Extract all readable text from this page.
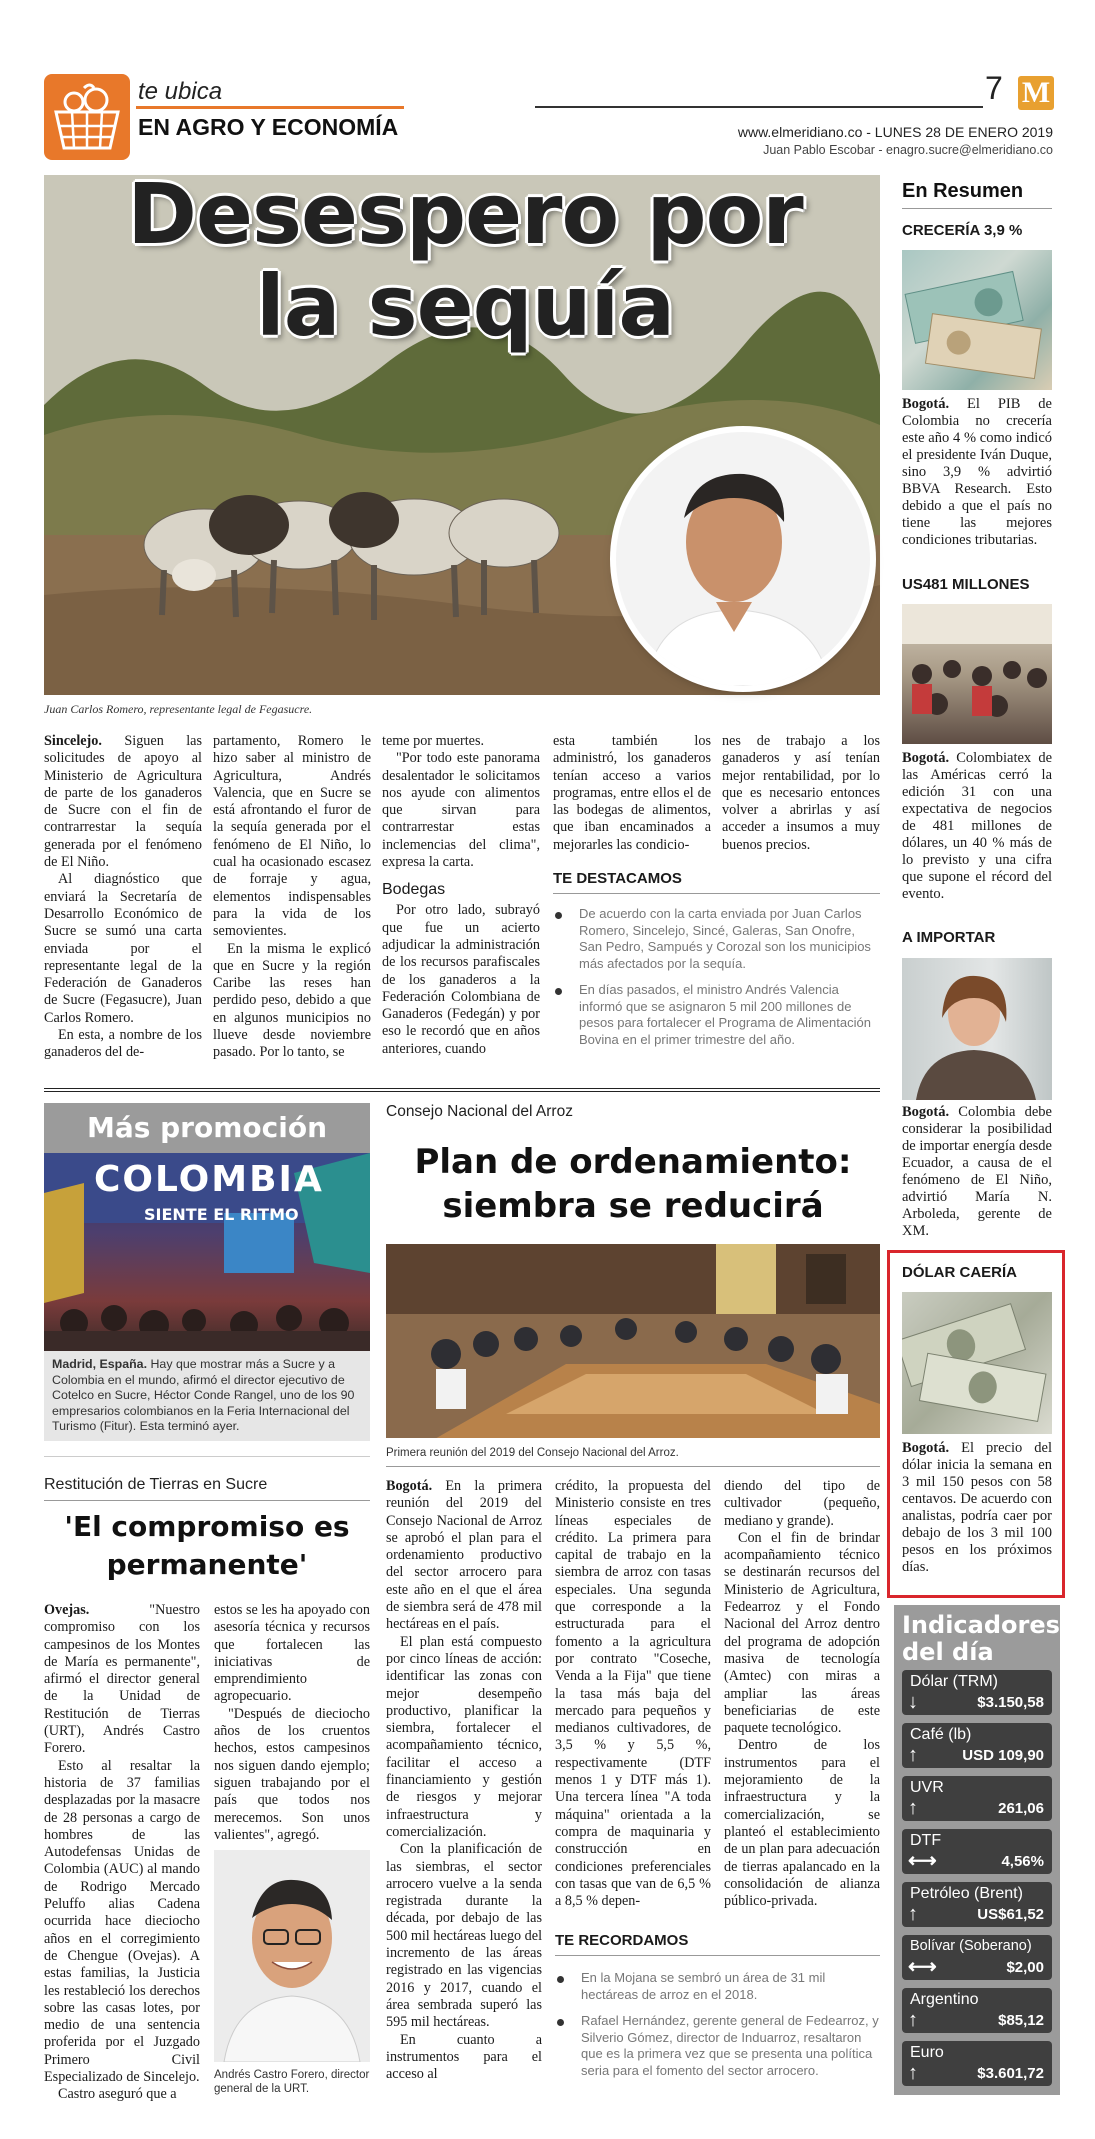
te ubica
EN AGRO Y ECONOMÍA
7 M
www.elmeridiano.co - LUNES 28 DE ENERO 2019
Juan Pablo Escobar - enagro.sucre@elmeridiano.co
Desespero por
la sequía
Juan Carlos Romero, representante legal de Fegasucre.

Sincelejo. Siguen las solicitudes de apoyo al Ministerio de Agricultura de parte de los ganaderos de Sucre con el fin de contrarrestar la sequía generada por el fenómeno de El Niño.

Al diagnóstico que enviará la Secretaría de Desarrollo Económico de Sucre se sumó una carta enviada por el representante legal de la Federación de Ganaderos de Sucre (Fegasucre), Juan Carlos Romero.

En esta, a nombre de los ganaderos del de-

partamento, Romero le hizo saber al ministro de Agricultura, Andrés Valencia, que en Sucre se está afrontando el furor de la sequía generada por el fenómeno de El Niño, lo cual ha ocasionado escasez de forraje y agua, elementos indispensables para la vida de los semovientes.

En la misma le explicó que en Sucre y la región Caribe las reses han perdido peso, debido a que en algunos municipios no llueve desde noviembre pasado. Por lo tanto, se

teme por muertes.

"Por todo este panorama desalentador le solicitamos nos ayude con alimentos que sirvan para contrarrestar estas inclemencias del clima", expresa la carta.

Bodegas

Por otro lado, subrayó que fue un acierto adjudicar la administración de los recursos parafiscales de los ganaderos a la Federación Colombiana de Ganaderos (Fedegán) y por eso le recordó que en años anteriores, cuando

esta también los administró, los ganaderos tenían acceso a varios programas, entre ellos el de las bodegas de alimentos, que iban encaminados a mejorarles las condicio-

nes de trabajo a los ganaderos y así tenían mejor rentabilidad, por lo que es necesario entonces volver a abrirlas y así acceder a insumos a muy buenos precios.

TE DESTACAMOS
De acuerdo con la carta enviada por Juan Carlos Romero, Sincelejo, Sincé, Galeras, San Onofre, San Pedro, Sampués y Corozal son los municipios más afectados por la sequía.
En días pasados, el ministro Andrés Valencia informó que se asignaron 5 mil 200 millones de pesos para fortalecer el Programa de Alimentación Bovina en el primer trimestre del año.
Más promoción
COLOMBIA
SIENTE EL RITMO

Madrid, España. Hay que mostrar más a Sucre y a Colombia en el mundo, afirmó el director ejecutivo de Cotelco en Sucre, Héctor Conde Rangel, uno de los 90 empresarios colombianos en la Feria Internacional del Turismo (Fitur). Esta terminó ayer.

Consejo Nacional del Arroz
Plan de ordenamiento:
siembra se reducirá
Primera reunión del 2019 del Consejo Nacional del Arroz.

Bogotá. En la primera reunión del 2019 del Consejo Nacional de Arroz se aprobó el plan para el ordenamiento productivo del sector arrocero para este año en el que el área de siembra será de 478 mil hectáreas en el país.

El plan está compuesto por cinco líneas de acción: identificar las zonas con mejor desempeño productivo, planificar la siembra, fortalecer el acompañamiento técnico, facilitar el acceso a financiamiento y gestión de riesgos y mejorar infraestructura y comercialización.

Con la planificación de las siembras, el sector arrocero vuelve a la senda registrada durante la década, por debajo de las 500 mil hectáreas luego del incremento de las áreas registrado en las vigencias 2016 y 2017, cuando el área sembrada superó las 595 mil hectáreas.

En cuanto a instrumentos para el acceso al

crédito, la propuesta del Ministerio consiste en tres líneas especiales de crédito. La primera para capital de trabajo en la siembra de arroz con tasas especiales. Una segunda que corresponde a la estructurada para el fomento a la agricultura por contrato "Coseche, Venda a la Fija" que tiene la tasa más baja del mercado para pequeños y medianos cultivadores, de 3,5 % y 5,5 %, respectivamente (DTF menos 1 y DTF más 1). Una tercera línea "A toda máquina" orientada a la compra de maquinaria y construcción en condiciones preferenciales con tasas que van de 6,5 % a 8,5 % depen-

diendo del tipo de cultivador (pequeño, mediano y grande).

Con el fin de brindar acompañamiento técnico se destinarán recursos del Ministerio de Agricultura, Fedearroz y el Fondo Nacional del Arroz dentro del programa de adopción masiva de tecnología (Amtec) con miras a ampliar las áreas beneficiarias de este paquete tecnológico.

Dentro de los instrumentos para el mejoramiento de la infraestructura y la comercialización, se planteó el establecimiento de un plan para adecuación de tierras apalancado en la consolidación de alianza público-privada.

TE RECORDAMOS
En la Mojana se sembró un área de 31 mil hectáreas de arroz en el 2018.
Rafael Hernández, gerente general de Fedearroz, y Silverio Gómez, director de Induarroz, resaltaron que es la primera vez que se presenta una política seria para el fomento del sector arrocero.
Restitución de Tierras en Sucre
'El compromiso es
permanente'

Ovejas. "Nuestro compromiso con los campesinos de los Montes de María es permanente", afirmó el director general de la Unidad de Restitución de Tierras (URT), Andrés Castro Forero.

Esto al resaltar la historia de 37 familias desplazadas por la masacre de 28 personas a cargo de hombres de las Autodefensas Unidas de Colombia (AUC) al mando de Rodrigo Mercado Peluffo alias Cadena ocurrida hace dieciocho años en el corregimiento de Chengue (Ovejas). A estas familias, la Justicia les restableció los derechos sobre las casas lotes, por medio de una sentencia proferida por el Juzgado Primero Civil Especializado de Sincelejo.

Castro aseguró que a

estos se les ha apoyado con asesoría técnica y recursos que fortalecen las iniciativas de emprendimiento agropecuario.

"Después de dieciocho años de los cruentos hechos, estos campesinos nos siguen dando ejemplo; siguen trabajando por el país que todos nos merecemos. Son unos valientes", agregó.

Andrés Castro Forero, director general de la URT.
En Resumen
CRECERÍA 3,9 %
Bogotá. El PIB de Colombia no crecería este año 4 % como indicó el presidente Iván Duque, sino 3,9 % advirtió BBVA Research. Esto debido a que el país no tiene las mejores condiciones tributarias.
US481 MILLONES
Bogotá. Colombiatex de las Américas cerró la edición 31 con una expectativa de negocios de 481 millones de dólares, un 40 % más de lo previsto y una cifra que supone el récord del evento.
A IMPORTAR
Bogotá. Colombia debe considerar la posibilidad de importar energía desde Ecuador, a causa de el fenómeno de El Niño, advirtió María N. Arboleda, gerente de XM.
DÓLAR CAERÍA
Bogotá. El precio del dólar inicia la semana en 3 mil 150 pesos con 58 centavos. De acuerdo con analistas, podría caer por debajo de los 3 mil 100 pesos en los próximos días.
Indicadores
del día
Dólar (TRM)
↓	$3.150,58
Café (lb)
↑	USD 109,90
UVR
↑	261,06
DTF
⟷	4,56%
Petróleo (Brent)
↑	US$61,52
Bolívar (Soberano)
⟷	$2,00
Argentino
↑	$85,12
Euro
↑	$3.601,72
